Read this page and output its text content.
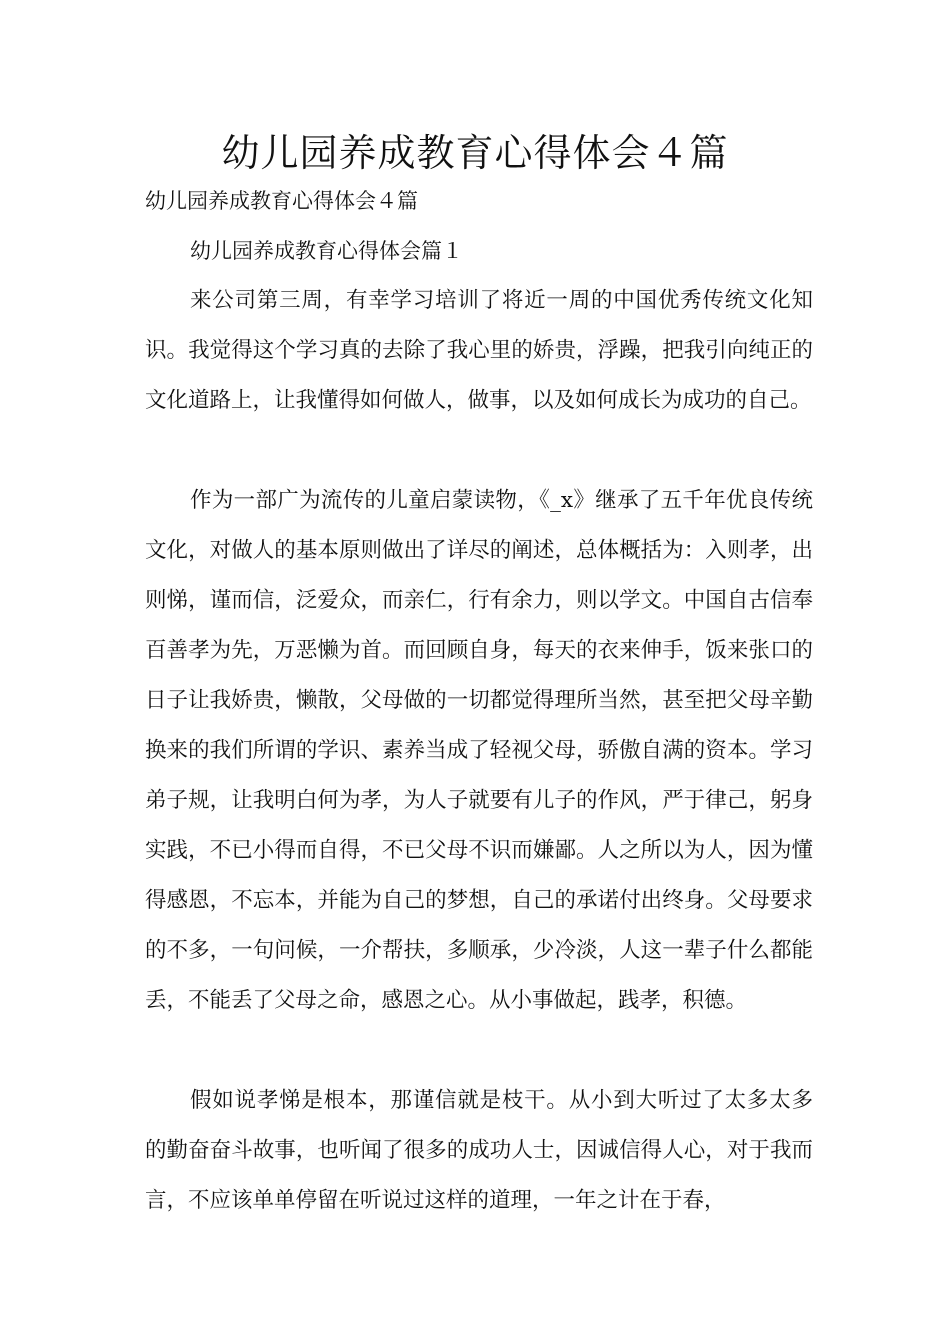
幼儿园养成教育心得体会４篇

幼儿园养成教育心得体会４篇

幼儿园养成教育心得体会篇１

来公司第三周，有幸学习培训了将近一周的中国优秀传统文化知识。我觉得这个学习真的去除了我心里的娇贵，浮躁，把我引向纯正的文化道路上，让我懂得如何做人，做事，以及如何成长为成功的自己。

作为一部广为流传的儿童启蒙读物，《_x》继承了五千年优良传统文化，对做人的基本原则做出了详尽的阐述，总体概括为：入则孝，出则悌，谨而信，泛爱众，而亲仁，行有余力，则以学文。中国自古信奉百善孝为先，万恶懒为首。而回顾自身，每天的衣来伸手，饭来张口的日子让我娇贵，懒散，父母做的一切都觉得理所当然，甚至把父母辛勤换来的我们所谓的学识、素养当成了轻视父母，骄傲自满的资本。学习弟子规，让我明白何为孝，为人子就要有儿子的作风，严于律己，躬身实践，不已小得而自得，不已父母不识而嫌鄙。人之所以为人，因为懂得感恩，不忘本，并能为自己的梦想，自己的承诺付出终身。父母要求的不多，一句问候，一介帮扶，多顺承，少冷淡，人这一辈子什么都能丢，不能丢了父母之命，感恩之心。从小事做起，践孝，积德。

假如说孝悌是根本，那谨信就是枝干。从小到大听过了太多太多的勤奋奋斗故事，也听闻了很多的成功人士，因诚信得人心，对于我而言，不应该单单停留在听说过这样的道理，一年之计在于春，
